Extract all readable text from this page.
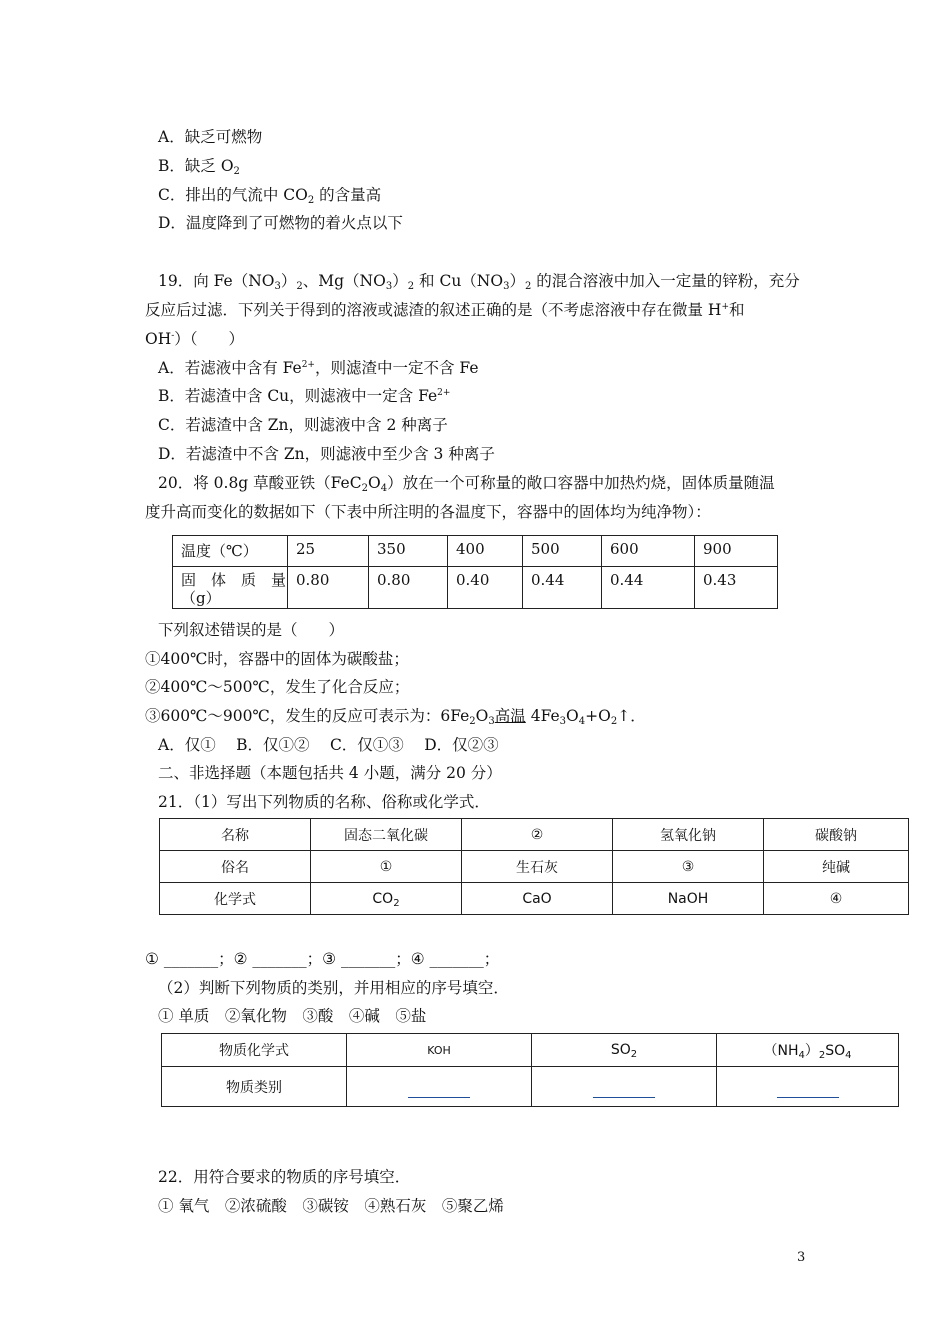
A．缺乏可燃物
B．缺乏 $O_2$
C．排出的气流中 $CO_2$ 的含量高
D．温度降到了可燃物的着火点以下
19．向 $Fe(NO_3)_2$、$Mg(NO_3)_2$ 和 $Cu(NO_3)_2$ 的混合溶液中加入一定量的锌粉，充分
反应后过滤．下列关于得到的溶液或滤渣的叙述正确的是（不考虑溶液中存在微量 H+和
OH-）（　　）
A．若滤液中含有 $Fe^{2+}$，则滤渣中一定不含 Fe
B．若滤渣中含 Cu，则滤液中一定含 $Fe^{2+}$
C．若滤渣中含 Zn，则滤液中含 2 种离子
D．若滤渣中不含 Zn，则滤液中至少含 3 种离子
20．将 0.8g 草酸亚铁$(FeC_2O_4)$放在一个可称量的敞口容器中加热灼烧，固体质量随温
度升高而变化的数据如下（下表中所注明的各温度下，容器中的固体均为纯净物）：
温度（℃）	25	350	400	500	600	900

固　体　质　量
（g）	0.80	0.80	0.40	0.44	0.44	0.43
下列叙述错误的是（　　）
①400℃时，容器中的固体为碳酸盐；
②400℃～500℃，发生了化合反应；
③600℃～900℃，发生的反应可表示为：$6Fe_2O_3$高温 $4Fe_3O_4+O_2↑$．
A．仅①　 B．仅①②　 C．仅①③　 D．仅②③
二、非选择题（本题包括共 4 小题，满分 20 分）
21．（1）写出下列物质的名称、俗称或化学式．
名称	固态二氧化碳	②	氢氧化钠	碳酸钠
俗名	①	生石灰	③	纯碱
化学式	$CO_2$	CaO	NaOH	④
① _______；② _______；③ _______；④ _______；
（2）判断下列物质的类别，并用相应的序号填空．
① 单质　②氧化物　③酸　④碱　⑤盐
物质化学式	KOH	$SO_2$	$(NH_4)_2SO_4$
物质类别			
22．用符合要求的物质的序号填空．
① 氧气　②浓硫酸　③碳铵　④熟石灰　⑤聚乙烯
3
